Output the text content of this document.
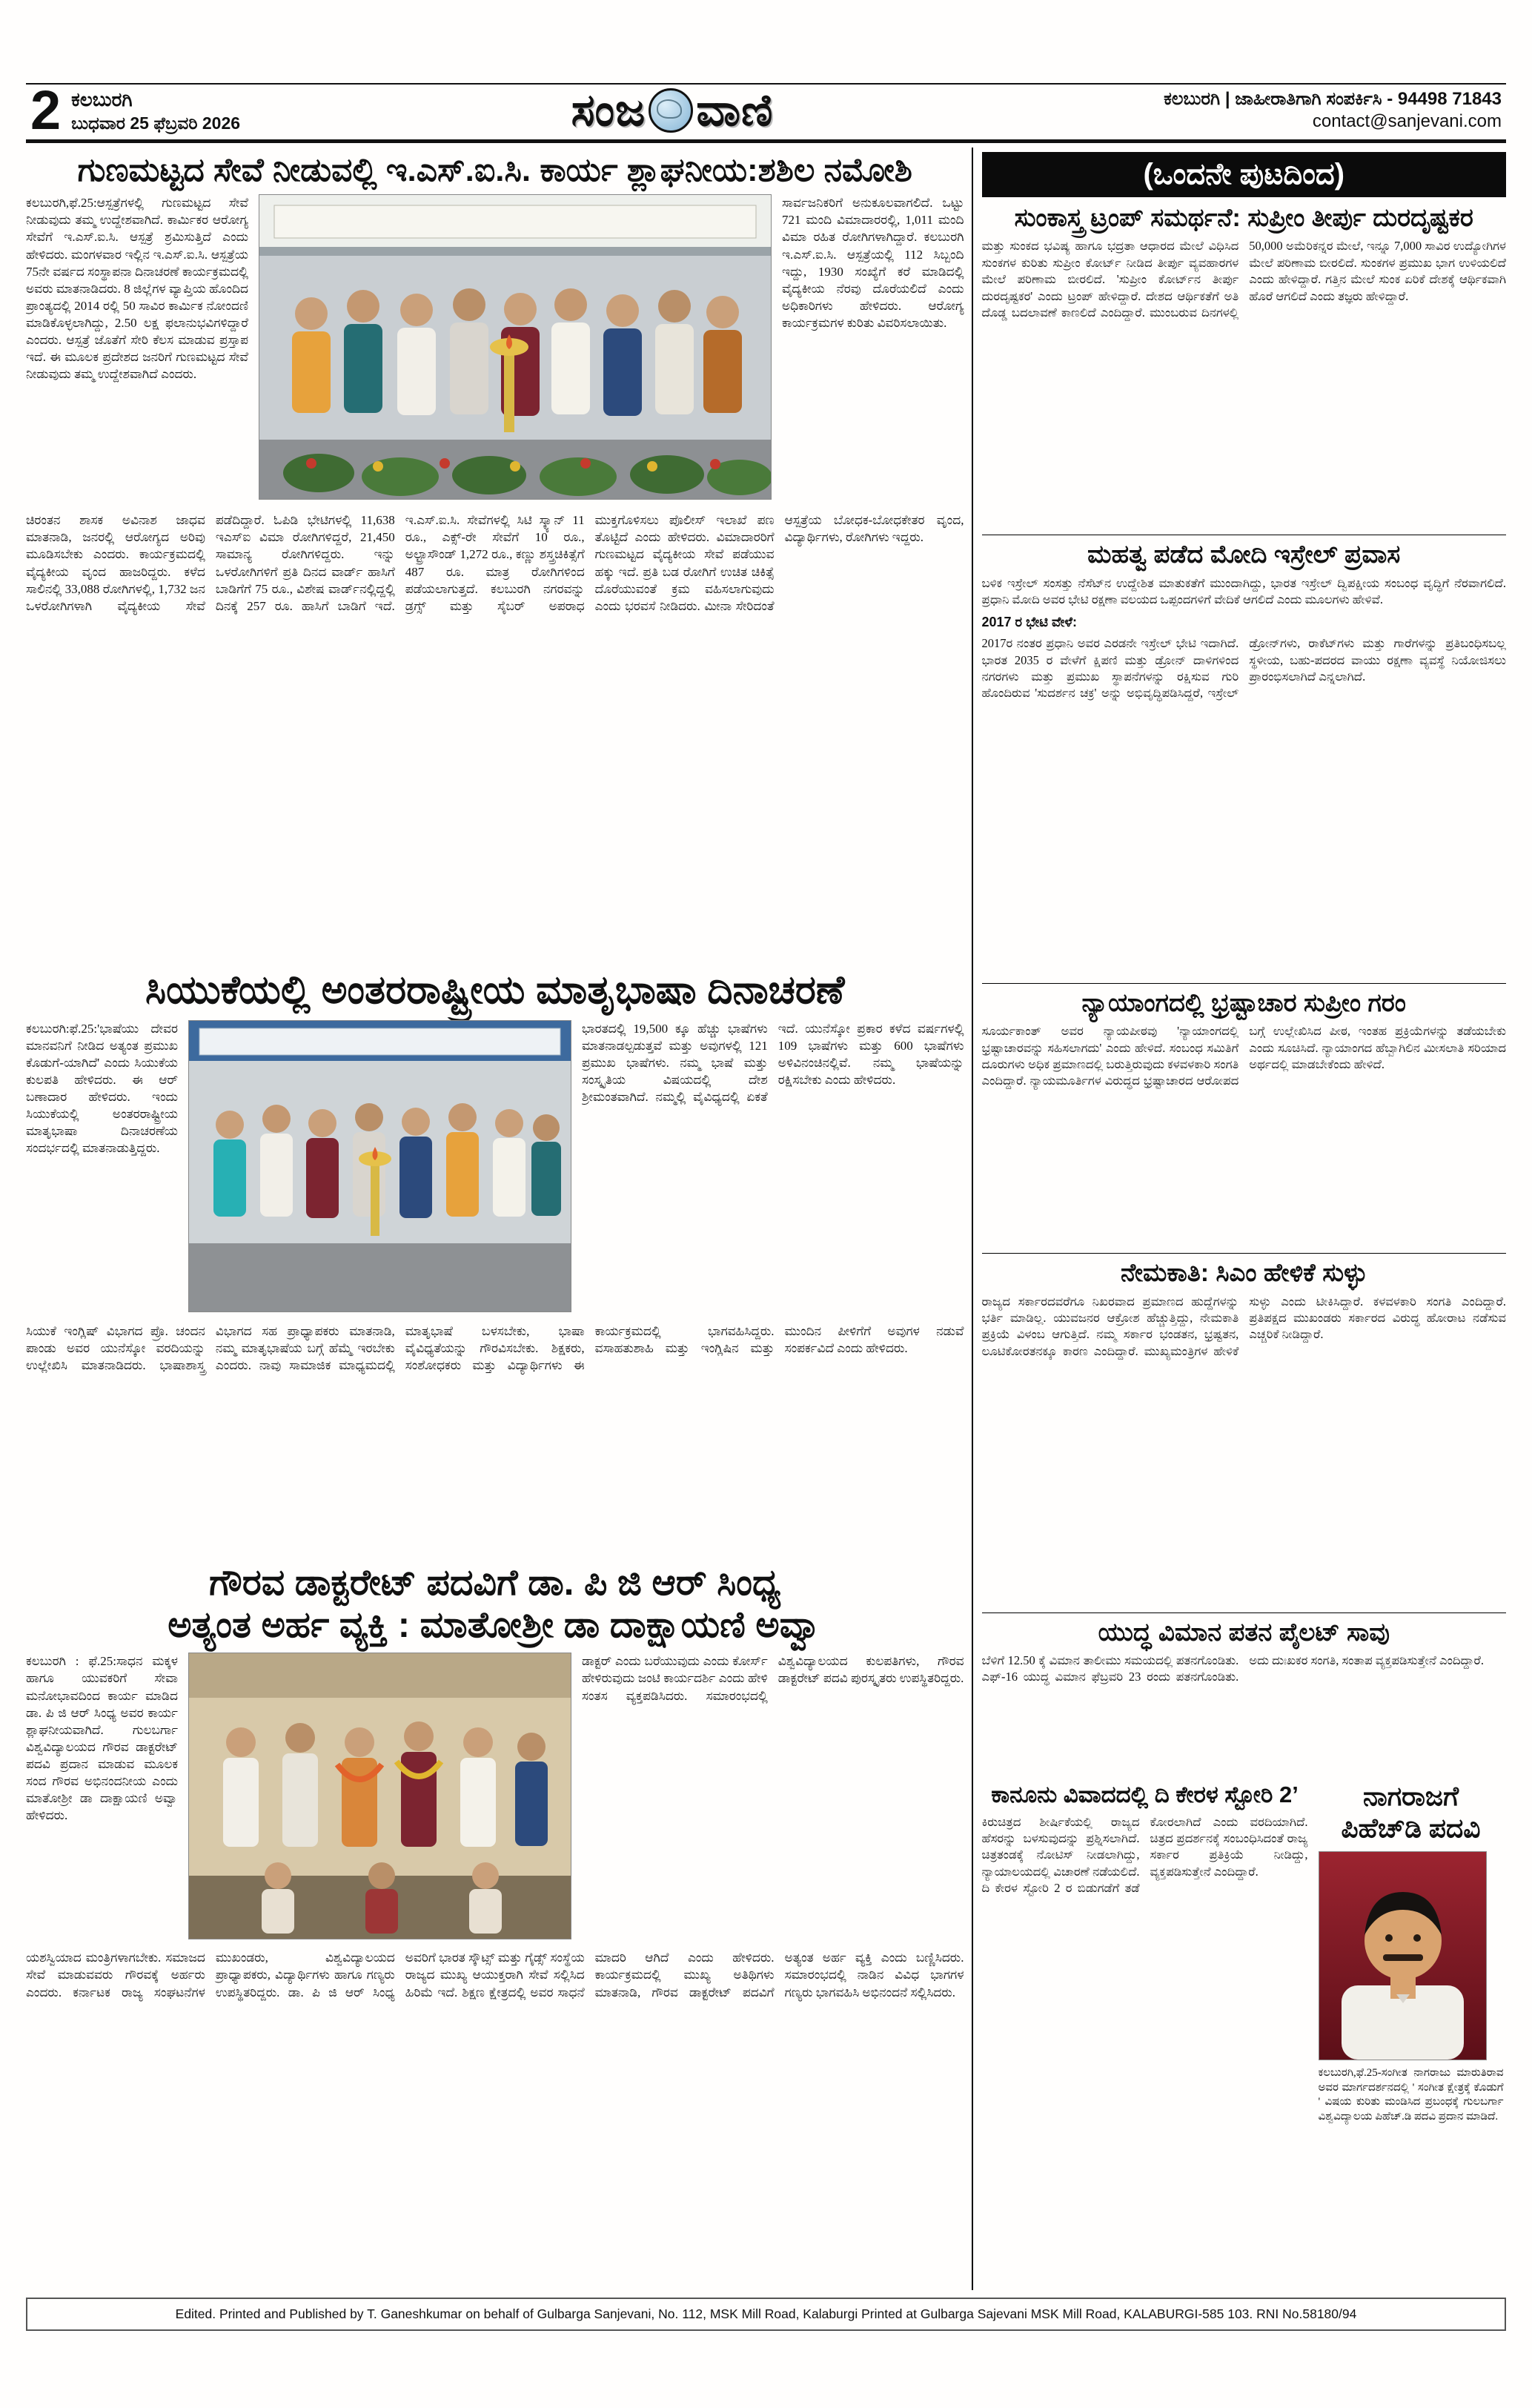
2 ಕಲಬುರಗಿ
ಬುಧವಾರ 25 ಫೆಬ್ರವರಿ 2026	ಸಂಜ ವಾಣಿ	ಕಲಬುರಗಿ | ಜಾಹೀರಾತಿಗಾಗಿ ಸಂಪರ್ಕಿಸಿ - 94498 71843
contact@sanjevani.com
ಗುಣಮಟ್ಟದ ಸೇವೆ ನೀಡುವಲ್ಲಿ ಇ.ಎಸ್.ಐ.ಸಿ. ಕಾರ್ಯ ಶ್ಲಾಘನೀಯ:ಶಶಿಲ ನಮೋಶಿ
ಕಲಬುರಗಿ,ಫೆ.25:ಆಸ್ಪತ್ರೆಗಳಲ್ಲಿ ಗುಣಮಟ್ಟದ ಸೇವೆ ನೀಡುವುದು ತಮ್ಮ ಉದ್ದೇಶವಾಗಿದೆ. ಕಾರ್ಮಿಕರ ಆರೋಗ್ಯ ಸೇವೆಗೆ ಇ.ಎಸ್.ಐ.ಸಿ. ಆಸ್ಪತ್ರೆ ಶ್ರಮಿಸುತ್ತಿದೆ ಎಂದು ಹೇಳಿದರು. ಮಂಗಳವಾರ ಇಲ್ಲಿನ ಇ.ಎಸ್.ಐ.ಸಿ. ಆಸ್ಪತ್ರೆಯ 75ನೇ ವರ್ಷದ ಸಂಸ್ಥಾಪನಾ ದಿನಾಚರಣೆ ಕಾರ್ಯಕ್ರಮದಲ್ಲಿ ಅವರು ಮಾತನಾಡಿದರು. 8 ಜಿಲ್ಲೆಗಳ ವ್ಯಾಪ್ತಿಯ ಹೊಂದಿದ ಪ್ರಾಂತ್ಯದಲ್ಲಿ 2014 ರಲ್ಲಿ 50 ಸಾವಿರ ಕಾರ್ಮಿಕ ನೋಂದಣಿ ಮಾಡಿಕೊಳ್ಳಲಾಗಿದ್ದು, 2.50 ಲಕ್ಷ ಫಲಾನುಭವಿಗಳಿದ್ದಾರೆ ಎಂದರು. ಆಸ್ಪತ್ರೆ ಜೊತೆಗೆ ಸೇರಿ ಕೆಲಸ ಮಾಡುವ ಪ್ರಸ್ತಾಪ ಇದೆ. ಈ ಮೂಲಕ ಪ್ರದೇಶದ ಜನರಿಗೆ ಗುಣಮಟ್ಟದ ಸೇವೆ ನೀಡುವುದು ತಮ್ಮ ಉದ್ದೇಶವಾಗಿದೆ ಎಂದರು.
ಸಾರ್ವಜನಿಕರಿಗೆ ಅನುಕೂಲವಾಗಲಿದೆ. ಒಟ್ಟು 721 ಮಂದಿ ವಿಮಾದಾರರಲ್ಲಿ, 1,011 ಮಂದಿ ವಿಮಾ ರಹಿತ ರೋಗಿಗಳಾಗಿದ್ದಾರೆ. ಕಲಬುರಗಿ ಇ.ಎಸ್.ಐ.ಸಿ. ಆಸ್ಪತ್ರೆಯಲ್ಲಿ 112 ಸಿಬ್ಬಂದಿ ಇದ್ದು, 1930 ಸಂಖ್ಯೆಗೆ ಕರೆ ಮಾಡಿದಲ್ಲಿ ವೈದ್ಯಕೀಯ ನೆರವು ದೊರೆಯಲಿದೆ ಎಂದು ಅಧಿಕಾರಿಗಳು ಹೇಳಿದರು. ಆರೋಗ್ಯ ಕಾರ್ಯಕ್ರಮಗಳ ಕುರಿತು ವಿವರಿಸಲಾಯಿತು.
ಚಿರಂತನ ಶಾಸಕ ಅವಿನಾಶ ಜಾಧವ ಮಾತನಾಡಿ, ಜನರಲ್ಲಿ ಆರೋಗ್ಯದ ಅರಿವು ಮೂಡಿಸಬೇಕು ಎಂದರು. ಕಾರ್ಯಕ್ರಮದಲ್ಲಿ ವೈದ್ಯಕೀಯ ವೃಂದ ಹಾಜರಿದ್ದರು. ಕಳೆದ ಸಾಲಿನಲ್ಲಿ 33,088 ರೋಗಿಗಳಲ್ಲಿ, 1,732 ಜನ ಒಳರೋಗಿಗಳಾಗಿ ವೈದ್ಯಕೀಯ ಸೇವೆ ಪಡೆದಿದ್ದಾರೆ. ಓಪಿಡಿ ಭೇಟಿಗಳಲ್ಲಿ 11,638 ಇಎಸ್ಐ ವಿಮಾ ರೋಗಿಗಳಿದ್ದರೆ, 21,450 ಸಾಮಾನ್ಯ ರೋಗಿಗಳಿದ್ದರು. ಇನ್ನು ಒಳರೋಗಿಗಳಿಗೆ ಪ್ರತಿ ದಿನದ ವಾರ್ಡ್ ಹಾಸಿಗೆ ಬಾಡಿಗೆಗೆ 75 ರೂ., ವಿಶೇಷ ವಾರ್ಡ್‌ನಲ್ಲಿದ್ದಲ್ಲಿ ದಿನಕ್ಕೆ 257 ರೂ. ಹಾಸಿಗೆ ಬಾಡಿಗೆ ಇದೆ. ಇ.ಎಸ್.ಐ.ಸಿ. ಸೇವೆಗಳಲ್ಲಿ ಸಿಟಿ ಸ್ಕ್ಯಾನ್ 11 ರೂ., ಎಕ್ಸ್-ರೇ ಸೇವೆಗೆ 10 ರೂ., ಅಲ್ಟ್ರಾಸೌಂಡ್ 1,272 ರೂ., ಕಣ್ಣು ಶಸ್ತ್ರಚಿಕಿತ್ಸೆಗೆ 487 ರೂ. ಮಾತ್ರ ರೋಗಿಗಳಿಂದ ಪಡೆಯಲಾಗುತ್ತದೆ. ಕಲಬುರಗಿ ನಗರವನ್ನು ಡ್ರಗ್ಸ್ ಮತ್ತು ಸೈಬರ್ ಅಪರಾಧ ಮುಕ್ತಗೊಳಿಸಲು ಪೊಲೀಸ್ ಇಲಾಖೆ ಪಣ ತೊಟ್ಟಿದೆ ಎಂದು ಹೇಳಿದರು. ವಿಮಾದಾರರಿಗೆ ಗುಣಮಟ್ಟದ ವೈದ್ಯಕೀಯ ಸೇವೆ ಪಡೆಯುವ ಹಕ್ಕು ಇದೆ. ಪ್ರತಿ ಬಡ ರೋಗಿಗೆ ಉಚಿತ ಚಿಕಿತ್ಸೆ ದೊರೆಯುವಂತೆ ಕ್ರಮ ವಹಿಸಲಾಗುವುದು ಎಂದು ಭರವಸೆ ನೀಡಿದರು. ಮೀನಾ ಸೇರಿದಂತೆ ಆಸ್ಪತ್ರೆಯ ಬೋಧಕ-ಬೋಧಕೇತರ ವೃಂದ, ವಿದ್ಯಾರ್ಥಿಗಳು, ರೋಗಿಗಳು ಇದ್ದರು.
ಸಿಯುಕೆಯಲ್ಲಿ ಅಂತರರಾಷ್ಟ್ರೀಯ ಮಾತೃಭಾಷಾ ದಿನಾಚರಣೆ
ಕಲಬುರಗಿ:ಫೆ.25:'ಭಾಷೆಯು ದೇವರ ಮಾನವನಿಗೆ ನೀಡಿದ ಅತ್ಯಂತ ಪ್ರಮುಖ ಕೊಡುಗೆ-ಯಾಗಿದೆ' ಎಂದು ಸಿಯುಕೆಯ ಕುಲಪತಿ ಹೇಳಿದರು. ಈ ಆರ್ ಬಣಾದಾರ ಹೇಳಿದರು. ಇಂದು ಸಿಯುಕೆಯಲ್ಲಿ ಅಂತರರಾಷ್ಟ್ರೀಯ ಮಾತೃಭಾಷಾ ದಿನಾಚರಣೆಯ ಸಂದರ್ಭದಲ್ಲಿ ಮಾತನಾಡುತ್ತಿದ್ದರು.
ಭಾರತದಲ್ಲಿ 19,500 ಕ್ಕೂ ಹೆಚ್ಚು ಭಾಷೆಗಳು ಮಾತನಾಡಲ್ಪಡುತ್ತವೆ ಮತ್ತು ಅವುಗಳಲ್ಲಿ 121 ಪ್ರಮುಖ ಭಾಷೆಗಳು. ನಮ್ಮ ಭಾಷೆ ಮತ್ತು ಸಂಸ್ಕೃತಿಯ ವಿಷಯದಲ್ಲಿ ದೇಶ ಶ್ರೀಮಂತವಾಗಿದೆ. ನಮ್ಮಲ್ಲಿ ವೈವಿಧ್ಯದಲ್ಲಿ ಏಕತೆ ಇದೆ. ಯುನೆಸ್ಕೋ ಪ್ರಕಾರ ಕಳೆದ ವರ್ಷಗಳಲ್ಲಿ 109 ಭಾಷೆಗಳು ಮತ್ತು 600 ಭಾಷೆಗಳು ಅಳಿವಿನಂಚಿನಲ್ಲಿವೆ. ನಮ್ಮ ಭಾಷೆಯನ್ನು ರಕ್ಷಿಸಬೇಕು ಎಂದು ಹೇಳಿದರು.
ಸಿಯುಕೆ ಇಂಗ್ಲಿಷ್ ವಿಭಾಗದ ಪ್ರೊ. ಚಂದನ ಪಾಂಡು ಅವರ ಯುನೆಸ್ಕೋ ವರದಿಯನ್ನು ಉಲ್ಲೇಖಿಸಿ ಮಾತನಾಡಿದರು. ಭಾಷಾಶಾಸ್ತ್ರ ವಿಭಾಗದ ಸಹ ಪ್ರಾಧ್ಯಾಪಕರು ಮಾತನಾಡಿ, ನಮ್ಮ ಮಾತೃಭಾಷೆಯ ಬಗ್ಗೆ ಹೆಮ್ಮೆ ಇರಬೇಕು ಎಂದರು. ನಾವು ಸಾಮಾಜಿಕ ಮಾಧ್ಯಮದಲ್ಲಿ ಮಾತೃಭಾಷೆ ಬಳಸಬೇಕು, ಭಾಷಾ ವೈವಿಧ್ಯತೆಯನ್ನು ಗೌರವಿಸಬೇಕು. ಶಿಕ್ಷಕರು, ಸಂಶೋಧಕರು ಮತ್ತು ವಿದ್ಯಾರ್ಥಿಗಳು ಈ ಕಾರ್ಯಕ್ರಮದಲ್ಲಿ ಭಾಗವಹಿಸಿದ್ದರು. ವಸಾಹತುಶಾಹಿ ಮತ್ತು ಇಂಗ್ಲಿಷಿನ ಮತ್ತು ಮುಂದಿನ ಪೀಳಿಗೆಗೆ ಅವುಗಳ ನಡುವೆ ಸಂಪರ್ಕವಿದೆ ಎಂದು ಹೇಳಿದರು.
ಗೌರವ ಡಾಕ್ಟರೇಟ್ ಪದವಿಗೆ ಡಾ. ಪಿ ಜಿ ಆರ್ ಸಿಂಧ್ಯ
ಅತ್ಯಂತ ಅರ್ಹ ವ್ಯಕ್ತಿ : ಮಾತೋಶ್ರೀ ಡಾ ದಾಕ್ಷಾಯಣಿ ಅವ್ವಾ
ಕಲಬುರಗಿ : ಫೆ.25:ಸಾಧನ ಮಕ್ಕಳ ಹಾಗೂ ಯುವಕರಿಗೆ ಸೇವಾ ಮನೋಭಾವದಿಂದ ಕಾರ್ಯ ಮಾಡಿದ ಡಾ. ಪಿ ಜಿ ಆರ್ ಸಿಂಧ್ಯ ಅವರ ಕಾರ್ಯ ಶ್ಲಾಘನೀಯವಾಗಿದೆ. ಗುಲಬರ್ಗಾ ವಿಶ್ವವಿದ್ಯಾಲಯದ ಗೌರವ ಡಾಕ್ಟರೇಟ್ ಪದವಿ ಪ್ರದಾನ ಮಾಡುವ ಮೂಲಕ ಸಂದ ಗೌರವ ಅಭಿನಂದನೀಯ ಎಂದು ಮಾತೋಶ್ರೀ ಡಾ ದಾಕ್ಷಾಯಣಿ ಅವ್ವಾ ಹೇಳಿದರು.
ಡಾಕ್ಟರ್ ಎಂದು ಬರೆಯುವುದು ಎಂದು ಕೋರ್ಸ್ ಹೇಳಿರುವುದು ಜಂಟಿ ಕಾರ್ಯದರ್ಶಿ ಎಂದು ಹೇಳಿ ಸಂತಸ ವ್ಯಕ್ತಪಡಿಸಿದರು. ಸಮಾರಂಭದಲ್ಲಿ ವಿಶ್ವವಿದ್ಯಾಲಯದ ಕುಲಪತಿಗಳು, ಗೌರವ ಡಾಕ್ಟರೇಟ್ ಪದವಿ ಪುರಸ್ಕೃತರು ಉಪಸ್ಥಿತರಿದ್ದರು.
ಯಶಸ್ವಿಯಾದ ಮಂತ್ರಿಗಳಾಗಬೇಕು. ಸಮಾಜದ ಸೇವೆ ಮಾಡುವವರು ಗೌರವಕ್ಕೆ ಅರ್ಹರು ಎಂದರು. ಕರ್ನಾಟಕ ರಾಜ್ಯ ಸಂಘಟನೆಗಳ ಮುಖಂಡರು, ವಿಶ್ವವಿದ್ಯಾಲಯದ ಪ್ರಾಧ್ಯಾಪಕರು, ವಿದ್ಯಾರ್ಥಿಗಳು ಹಾಗೂ ಗಣ್ಯರು ಉಪಸ್ಥಿತರಿದ್ದರು. ಡಾ. ಪಿ ಜಿ ಆರ್ ಸಿಂಧ್ಯ ಅವರಿಗೆ ಭಾರತ ಸ್ಕೌಟ್ಸ್ ಮತ್ತು ಗೈಡ್ಸ್ ಸಂಸ್ಥೆಯ ರಾಜ್ಯದ ಮುಖ್ಯ ಆಯುಕ್ತರಾಗಿ ಸೇವೆ ಸಲ್ಲಿಸಿದ ಹಿರಿಮೆ ಇದೆ. ಶಿಕ್ಷಣ ಕ್ಷೇತ್ರದಲ್ಲಿ ಅವರ ಸಾಧನೆ ಮಾದರಿ ಆಗಿದೆ ಎಂದು ಹೇಳಿದರು. ಕಾರ್ಯಕ್ರಮದಲ್ಲಿ ಮುಖ್ಯ ಅತಿಥಿಗಳು ಮಾತನಾಡಿ, ಗೌರವ ಡಾಕ್ಟರೇಟ್ ಪದವಿಗೆ ಅತ್ಯಂತ ಅರ್ಹ ವ್ಯಕ್ತಿ ಎಂದು ಬಣ್ಣಿಸಿದರು. ಸಮಾರಂಭದಲ್ಲಿ ನಾಡಿನ ವಿವಿಧ ಭಾಗಗಳ ಗಣ್ಯರು ಭಾಗವಹಿಸಿ ಅಭಿನಂದನೆ ಸಲ್ಲಿಸಿದರು.
(ಒಂದನೇ ಪುಟದಿಂದ)
ಸುಂಕಾಸ್ತ್ರ ಟ್ರಂಪ್ ಸಮರ್ಥನೆ: ಸುಪ್ರೀಂ ತೀರ್ಪು ದುರದೃಷ್ಟಕರ
ಮತ್ತು ಸುಂಕದ ಭವಿಷ್ಯ ಹಾಗೂ ಭದ್ರತಾ ಆಧಾರದ ಮೇಲೆ ವಿಧಿಸಿದ ಸುಂಕಗಳ ಕುರಿತು ಸುಪ್ರೀಂ ಕೋರ್ಟ್ ನೀಡಿದ ತೀರ್ಪು ವ್ಯವಹಾರಗಳ ಮೇಲೆ ಪರಿಣಾಮ ಬೀರಲಿದೆ. 'ಸುಪ್ರೀಂ ಕೋರ್ಟ್‌ನ ತೀರ್ಪು ದುರದೃಷ್ಟಕರ' ಎಂದು ಟ್ರಂಪ್ ಹೇಳಿದ್ದಾರೆ. ದೇಶದ ಆರ್ಥಿಕತೆಗೆ ಅತಿ ದೊಡ್ಡ ಬದಲಾವಣೆ ಕಾಣಲಿದೆ ಎಂದಿದ್ದಾರೆ. ಮುಂಬರುವ ದಿನಗಳಲ್ಲಿ 50,000 ಅಮೆರಿಕನ್ನರ ಮೇಲೆ, ಇನ್ನೂ 7,000 ಸಾವಿರ ಉದ್ಯೋಗಿಗಳ ಮೇಲೆ ಪರಿಣಾಮ ಬೀರಲಿದೆ. ಸುಂಕಗಳ ಪ್ರಮುಖ ಭಾಗ ಉಳಿಯಲಿದೆ ಎಂದು ಹೇಳಿದ್ದಾರೆ. ಗತ್ತಿನ ಮೇಲೆ ಸುಂಕ ಏರಿಕೆ ದೇಶಕ್ಕೆ ಆರ್ಥಿಕವಾಗಿ ಹೊರೆ ಆಗಲಿದೆ ಎಂದು ತಜ್ಞರು ಹೇಳಿದ್ದಾರೆ.
ಮಹತ್ವ ಪಡೆದ ಮೋದಿ ಇಸ್ರೇಲ್ ಪ್ರವಾಸ
ಬಳಿಕ ಇಸ್ರೇಲ್ ಸಂಸತ್ತು ನೆಸೆಟ್‌ನ ಉದ್ದೇಶಿತ ಮಾತುಕತೆಗೆ ಮುಂದಾಗಿದ್ದು, ಭಾರತ ಇಸ್ರೇಲ್ ದ್ವಿಪಕ್ಷೀಯ ಸಂಬಂಧ ವೃದ್ಧಿಗೆ ನೆರವಾಗಲಿದೆ. ಪ್ರಧಾನಿ ಮೋದಿ ಅವರ ಭೇಟಿ ರಕ್ಷಣಾ ವಲಯದ ಒಪ್ಪಂದಗಳಿಗೆ ವೇದಿಕೆ ಆಗಲಿದೆ ಎಂದು ಮೂಲಗಳು ಹೇಳಿವೆ.
2017 ರ ಭೇಟಿ ವೇಳೆ:
2017ರ ನಂತರ ಪ್ರಧಾನಿ ಅವರ ಎರಡನೇ ಇಸ್ರೇಲ್ ಭೇಟಿ ಇದಾಗಿದೆ. ಭಾರತ 2035 ರ ವೇಳೆಗೆ ಕ್ಷಿಪಣಿ ಮತ್ತು ಡ್ರೋನ್ ದಾಳಿಗಳಿಂದ ನಗರಗಳು ಮತ್ತು ಪ್ರಮುಖ ಸ್ಥಾಪನೆಗಳನ್ನು ರಕ್ಷಿಸುವ ಗುರಿ ಹೊಂದಿರುವ 'ಸುದರ್ಶನ ಚಕ್ರ' ಅನ್ನು ಅಭಿವೃದ್ಧಿಪಡಿಸಿದ್ದರೆ, ಇಸ್ರೇಲ್ ಡ್ರೋನ್‌ಗಳು, ರಾಕೆಟ್‌ಗಳು ಮತ್ತು ಗಾರೆಗಳನ್ನು ಪ್ರತಿಬಂಧಿಸಬಲ್ಲ ಸ್ಥಳೀಯ, ಬಹು-ಪದರದ ವಾಯು ರಕ್ಷಣಾ ವ್ಯವಸ್ಥೆ ನಿಯೋಜಿಸಲು ಪ್ರಾರಂಭಿಸಲಾಗಿದೆ ಎನ್ನಲಾಗಿದೆ.
ನ್ಯಾಯಾಂಗದಲ್ಲಿ ಭ್ರಷ್ಟಾಚಾರ ಸುಪ್ರೀಂ ಗರಂ
ಸೂರ್ಯಕಾಂತ್ ಅವರ ನ್ಯಾಯಪೀಠವು 'ನ್ಯಾಯಾಂಗದಲ್ಲಿ ಭ್ರಷ್ಟಾಚಾರವನ್ನು ಸಹಿಸಲಾಗದು' ಎಂದು ಹೇಳಿದೆ. ಸಂಬಂಧ ಸಮಿತಿಗೆ ದೂರುಗಳು ಅಧಿಕ ಪ್ರಮಾಣದಲ್ಲಿ ಬರುತ್ತಿರುವುದು ಕಳವಳಕಾರಿ ಸಂಗತಿ ಎಂದಿದ್ದಾರೆ. ನ್ಯಾಯಮೂರ್ತಿಗಳ ವಿರುದ್ಧದ ಭ್ರಷ್ಟಾಚಾರದ ಆರೋಪದ ಬಗ್ಗೆ ಉಲ್ಲೇಖಿಸಿದ ಪೀಠ, ಇಂತಹ ಪ್ರಕ್ರಿಯೆಗಳನ್ನು ತಡೆಯಬೇಕು ಎಂದು ಸೂಚಿಸಿದೆ. ನ್ಯಾಯಾಂಗದ ಹೆಬ್ಬಾಗಿಲಿನ ಮೀಸಲಾತಿ ಸರಿಯಾದ ಅರ್ಥದಲ್ಲಿ ಮಾಡಬೇಕೆಂದು ಹೇಳಿದೆ.
ನೇಮಕಾತಿ: ಸಿಎಂ ಹೇಳಿಕೆ ಸುಳ್ಳು
ರಾಜ್ಯದ ಸರ್ಕಾರದವರೆಗೂ ನಿಖರವಾದ ಪ್ರಮಾಣದ ಹುದ್ದೆಗಳನ್ನು ಭರ್ತಿ ಮಾಡಿಲ್ಲ. ಯುವಜನರ ಆಕ್ರೋಶ ಹೆಚ್ಚುತ್ತಿದ್ದು, ನೇಮಕಾತಿ ಪ್ರಕ್ರಿಯೆ ವಿಳಂಬ ಆಗುತ್ತಿದೆ. ನಮ್ಮ ಸರ್ಕಾರ ಭಂಡತನ, ಭ್ರಷ್ಟತನ, ಲೂಟಿಕೋರತನಕ್ಕೂ ಕಾರಣ ಎಂದಿದ್ದಾರೆ. ಮುಖ್ಯಮಂತ್ರಿಗಳ ಹೇಳಿಕೆ ಸುಳ್ಳು ಎಂದು ಟೀಕಿಸಿದ್ದಾರೆ. ಕಳವಳಕಾರಿ ಸಂಗತಿ ಎಂದಿದ್ದಾರೆ. ಪ್ರತಿಪಕ್ಷದ ಮುಖಂಡರು ಸರ್ಕಾರದ ವಿರುದ್ಧ ಹೋರಾಟ ನಡೆಸುವ ಎಚ್ಚರಿಕೆ ನೀಡಿದ್ದಾರೆ.
ಯುದ್ಧ ವಿಮಾನ ಪತನ ಪೈಲಟ್ ಸಾವು
ಬೆಳಿಗೆ 12.50 ಕ್ಕೆ ವಿಮಾನ ತಾಲೀಮು ಸಮಯದಲ್ಲಿ ಪತನಗೊಂಡಿತು. ಎಫ್-16 ಯುದ್ಧ ವಿಮಾನ ಫೆಬ್ರವರಿ 23 ರಂದು ಪತನಗೊಂಡಿತು. ಅದು ದುಃಖಕರ ಸಂಗತಿ, ಸಂತಾಪ ವ್ಯಕ್ತಪಡಿಸುತ್ತೇನೆ ಎಂದಿದ್ದಾರೆ.
ಕಾನೂನು ವಿವಾದದಲ್ಲಿ ದಿ ಕೇರಳ ಸ್ಟೋರಿ 2’
ಕಿರುಚಿತ್ರದ ಶೀರ್ಷಿಕೆಯಲ್ಲಿ ರಾಜ್ಯದ ಹೆಸರನ್ನು ಬಳಸುವುದನ್ನು ಪ್ರಶ್ನಿಸಲಾಗಿದೆ. ಚಿತ್ರತಂಡಕ್ಕೆ ನೋಟಿಸ್ ನೀಡಲಾಗಿದ್ದು, ನ್ಯಾಯಾಲಯದಲ್ಲಿ ವಿಚಾರಣೆ ನಡೆಯಲಿದೆ. ದಿ ಕೇರಳ ಸ್ಟೋರಿ 2 ರ ಬಿಡುಗಡೆಗೆ ತಡೆ ಕೋರಲಾಗಿದೆ ಎಂದು ವರದಿಯಾಗಿದೆ. ಚಿತ್ರದ ಪ್ರದರ್ಶನಕ್ಕೆ ಸಂಬಂಧಿಸಿದಂತೆ ರಾಜ್ಯ ಸರ್ಕಾರ ಪ್ರತಿಕ್ರಿಯೆ ನೀಡಿದ್ದು, ವ್ಯಕ್ತಪಡಿಸುತ್ತೇನೆ ಎಂದಿದ್ದಾರೆ.
ನಾಗರಾಜಗೆ
ಪಿಹೆಚ್‌ಡಿ ಪದವಿ
ಕಲಬುರಗಿ,ಫೆ.25-ಸಂಗೀತ ನಾಗರಾಜು ಮಾರುತಿರಾವ ಅವರ ಮಾರ್ಗದರ್ಶನದಲ್ಲಿ ' ಸಂಗೀತ ಕ್ಷೇತ್ರಕ್ಕೆ ಕೊಡುಗೆ ' ವಿಷಯ ಕುರಿತು ಮಂಡಿಸಿದ ಪ್ರಬಂಧಕ್ಕೆ ಗುಲಬರ್ಗಾ ವಿಶ್ವವಿದ್ಯಾಲಯ ಪಿಹೆಚ್.ಡಿ ಪದವಿ ಪ್ರದಾನ ಮಾಡಿದೆ.
Edited. Printed and Published by T. Ganeshkumar on behalf of Gulbarga Sanjevani, No. 112, MSK Mill Road, Kalaburgi Printed at Gulbarga Sajevani MSK Mill Road, KALABURGI-585 103. RNI No.58180/94
